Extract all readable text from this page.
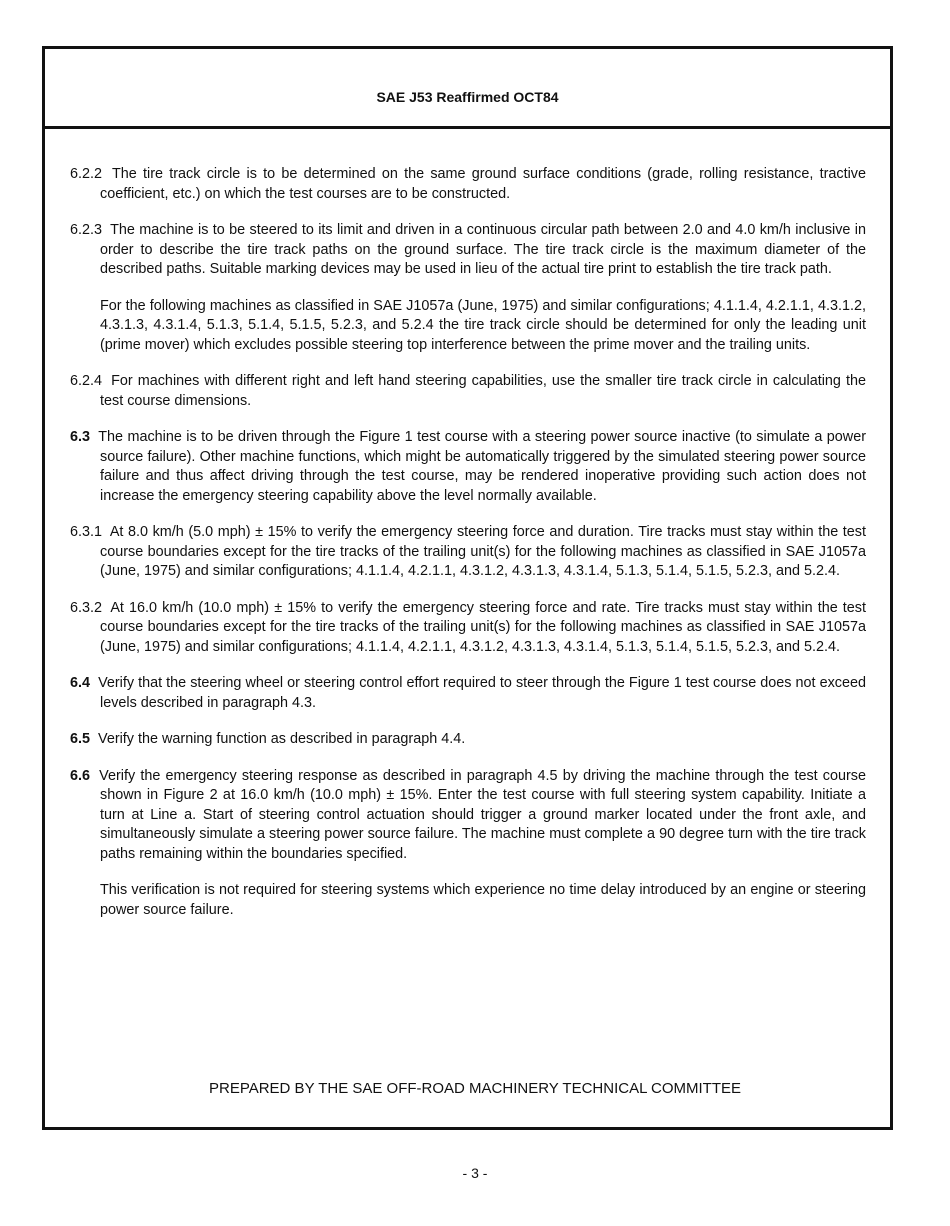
SAE J53 Reaffirmed OCT84

6.2.2 The tire track circle is to be determined on the same ground surface conditions (grade, rolling resistance, tractive coefficient, etc.) on which the test courses are to be constructed.

6.2.3 The machine is to be steered to its limit and driven in a continuous circular path between 2.0 and 4.0 km/h inclusive in order to describe the tire track paths on the ground surface. The tire track circle is the maximum diameter of the described paths. Suitable marking devices may be used in lieu of the actual tire print to establish the tire track path.

For the following machines as classified in SAE J1057a (June, 1975) and similar configurations; 4.1.1.4, 4.2.1.1, 4.3.1.2, 4.3.1.3, 4.3.1.4, 5.1.3, 5.1.4, 5.1.5, 5.2.3, and 5.2.4 the tire track circle should be determined for only the leading unit (prime mover) which excludes possible steering top interference between the prime mover and the trailing units.

6.2.4 For machines with different right and left hand steering capabilities, use the smaller tire track circle in calculating the test course dimensions.

6.3 The machine is to be driven through the Figure 1 test course with a steering power source inactive (to simulate a power source failure). Other machine functions, which might be automatically triggered by the simulated steering power source failure and thus affect driving through the test course, may be rendered inoperative providing such action does not increase the emergency steering capability above the level normally available.

6.3.1 At 8.0 km/h (5.0 mph) ± 15% to verify the emergency steering force and duration. Tire tracks must stay within the test course boundaries except for the tire tracks of the trailing unit(s) for the following machines as classified in SAE J1057a (June, 1975) and similar configurations; 4.1.1.4, 4.2.1.1, 4.3.1.2, 4.3.1.3, 4.3.1.4, 5.1.3, 5.1.4, 5.1.5, 5.2.3, and 5.2.4.

6.3.2 At 16.0 km/h (10.0 mph) ± 15% to verify the emergency steering force and rate. Tire tracks must stay within the test course boundaries except for the tire tracks of the trailing unit(s) for the following machines as classified in SAE J1057a (June, 1975) and similar configurations; 4.1.1.4, 4.2.1.1, 4.3.1.2, 4.3.1.3, 4.3.1.4, 5.1.3, 5.1.4, 5.1.5, 5.2.3, and 5.2.4.

6.4 Verify that the steering wheel or steering control effort required to steer through the Figure 1 test course does not exceed levels described in paragraph 4.3.

6.5 Verify the warning function as described in paragraph 4.4.

6.6 Verify the emergency steering response as described in paragraph 4.5 by driving the machine through the test course shown in Figure 2 at 16.0 km/h (10.0 mph) ± 15%. Enter the test course with full steering system capability. Initiate a turn at Line a. Start of steering control actuation should trigger a ground marker located under the front axle, and simultaneously simulate a steering power source failure. The machine must complete a 90 degree turn with the tire track paths remaining within the boundaries specified.

This verification is not required for steering systems which experience no time delay introduced by an engine or steering power source failure.

PREPARED BY THE SAE OFF-ROAD MACHINERY TECHNICAL COMMITTEE
- 3 -
